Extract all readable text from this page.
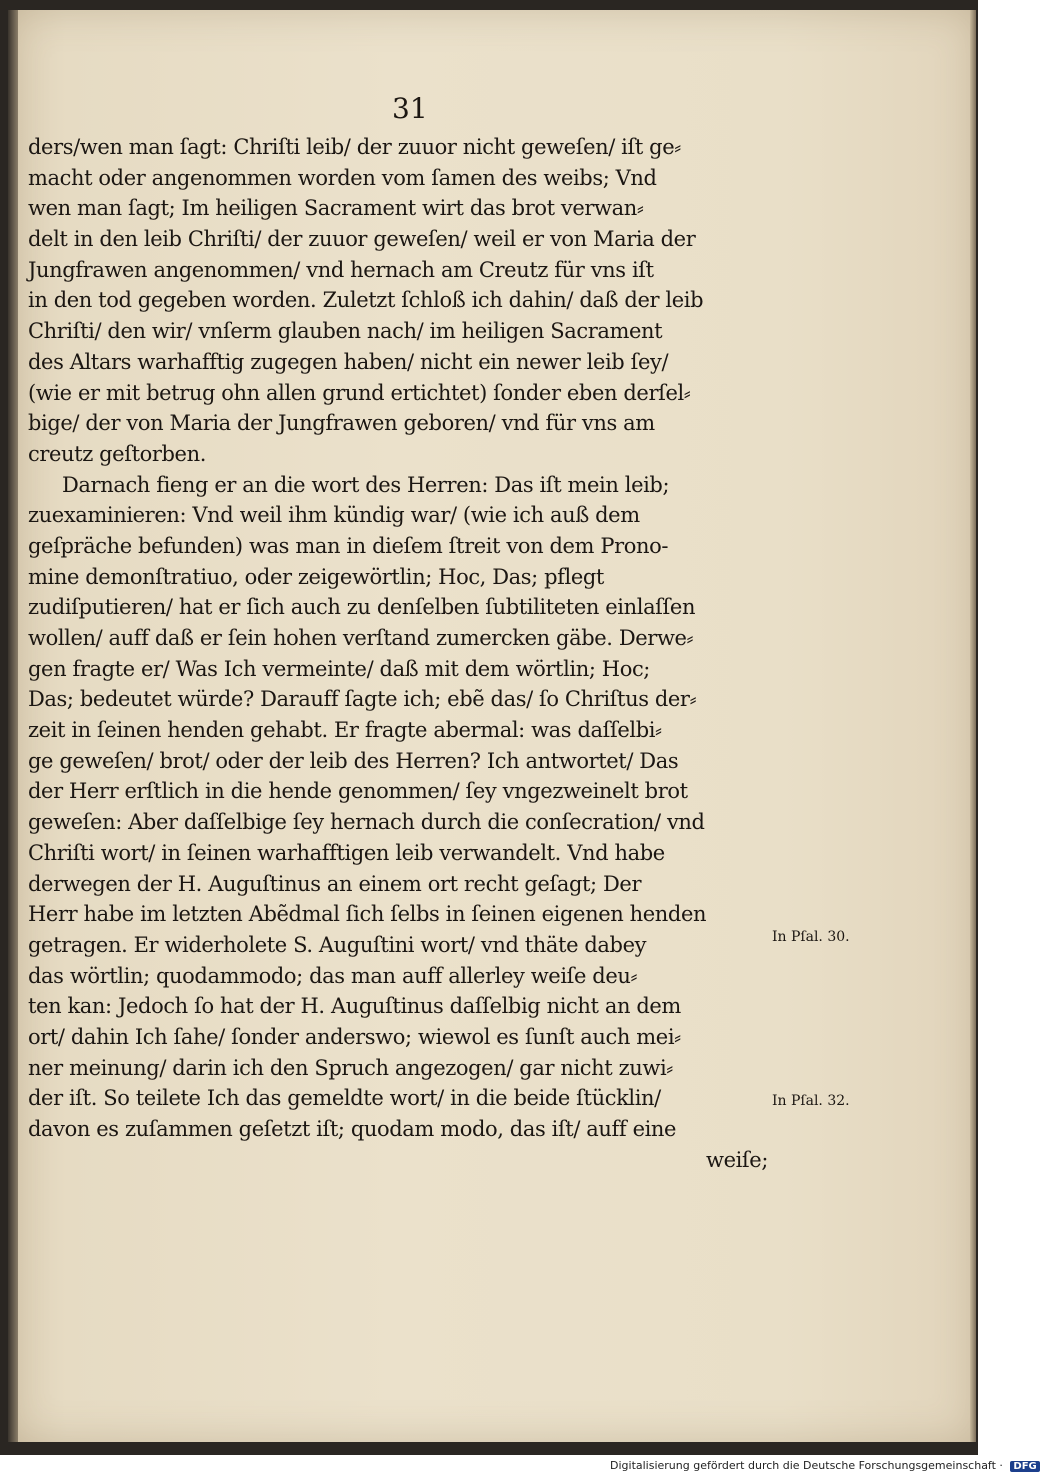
31
ders/wen man ſagt: Chriſti leib/ der zuuor nicht geweſen/ iſt ge⸗
macht oder angenommen worden vom ſamen des weibs; Vnd
wen man ſagt; Im heiligen Sacrament wirt das brot verwan⸗
delt in den leib Chriſti/ der zuuor geweſen/ weil er von Maria der
Jungfrawen angenommen/ vnd hernach am Creutz für vns iſt
in den tod gegeben worden. Zuletzt ſchloß ich dahin/ daß der leib
Chriſti/ den wir/ vnſerm glauben nach/ im heiligen Sacrament
des Altars warhafftig zugegen haben/ nicht ein newer leib ſey/
(wie er mit betrug ohn allen grund ertichtet) ſonder eben derſel⸗
bige/ der von Maria der Jungfrawen geboren/ vnd für vns am
creutz geſtorben.
Darnach fieng er an die wort des Herren: Das iſt mein leib;
zuexaminieren: Vnd weil ihm kündig war/ (wie ich auß dem
geſpräche befunden) was man in dieſem ſtreit von dem Prono-
mine demonſtratiuo, oder zeigewörtlin; Hoc, Das; pflegt
zudiſputieren/ hat er ſich auch zu denſelben ſubtiliteten einlaſſen
wollen/ auff daß er ſein hohen verſtand zumercken gäbe. Derwe⸗
gen fragte er/ Was Ich vermeinte/ daß mit dem wörtlin; Hoc;
Das; bedeutet würde? Darauff ſagte ich; ebẽ das/ ſo Chriſtus der⸗
zeit in ſeinen henden gehabt. Er fragte abermal: was daſſelbi⸗
ge geweſen/ brot/ oder der leib des Herren? Ich antwortet/ Das
der Herr erſtlich in die hende genommen/ ſey vngezweinelt brot
geweſen: Aber daſſelbige ſey hernach durch die conſecration/ vnd
Chriſti wort/ in ſeinen warhafftigen leib verwandelt. Vnd habe
derwegen der H. Auguſtinus an einem ort recht geſagt; Der
Herr habe im letzten Abẽdmal ſich ſelbs in ſeinen eigenen henden
getragen. Er widerholete S. Auguſtini wort/ vnd thäte dabey
das wörtlin; quodammodo; das man auff allerley weiſe deu⸗
ten kan: Jedoch ſo hat der H. Auguſtinus daſſelbig nicht an dem
ort/ dahin Ich ſahe/ ſonder anderswo; wiewol es ſunſt auch mei⸗
ner meinung/ darin ich den Spruch angezogen/ gar nicht zuwi⸗
der iſt. So teilete Ich das gemeldte wort/ in die beide ſtücklin/
davon es zuſammen geſetzt iſt; quodam modo, das iſt/ auff eine
weiſe;
In Pſal. 30.
In Pſal. 32.
Digitalisierung gefördert durch die Deutsche Forschungsgemeinschaft · DFG
